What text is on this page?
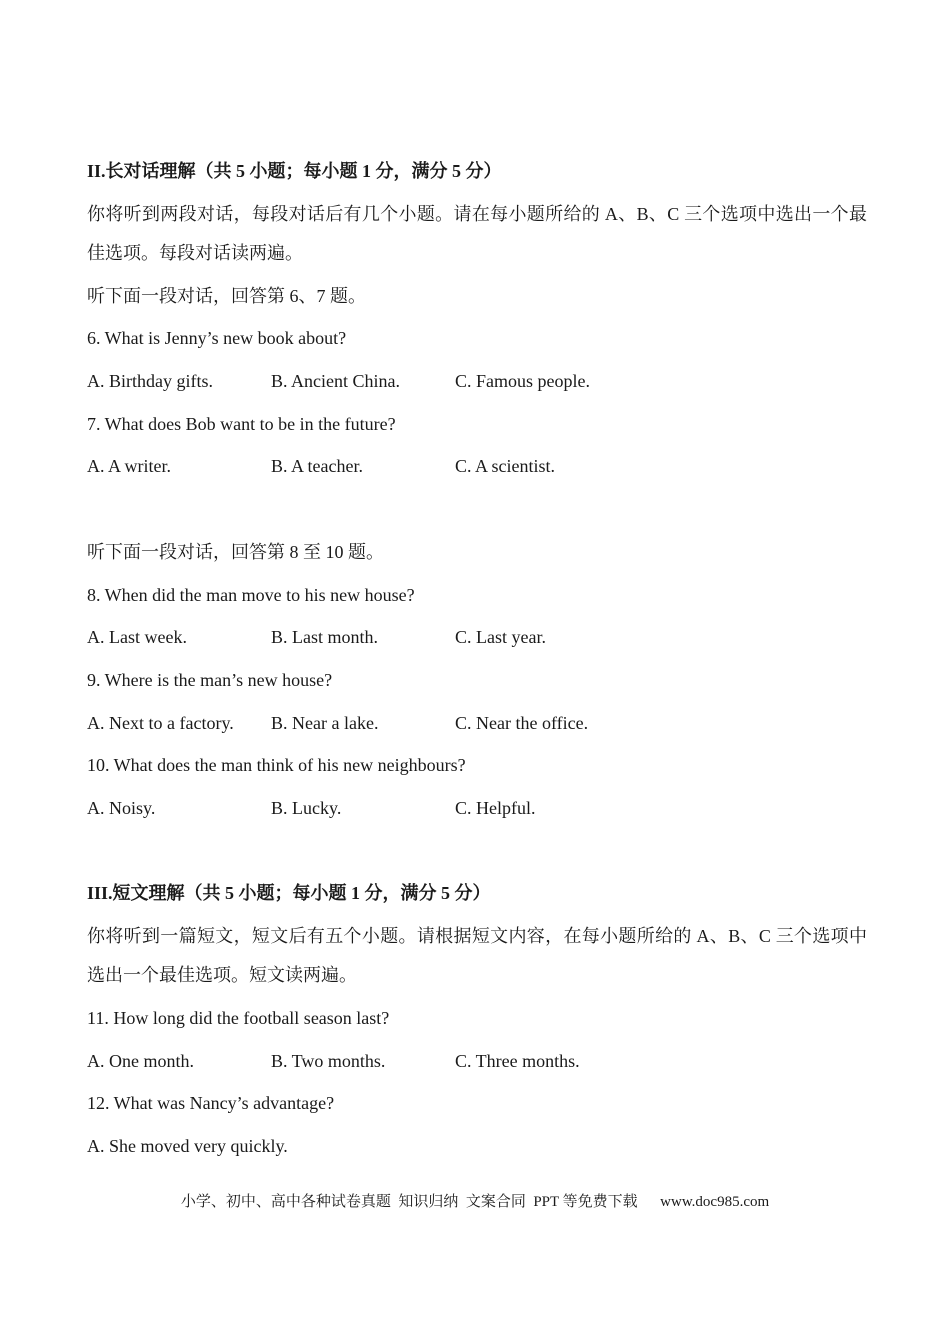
II.长对话理解（共 5 小题；每小题 1 分，满分 5 分）
你将听到两段对话，每段对话后有几个小题。请在每小题所给的 A、B、C 三个选项中选出一个最佳选项。每段对话读两遍。
听下面一段对话，回答第 6、7 题。
6. What is Jenny’s new book about?
A. Birthday gifts.	B. Ancient China.	C. Famous people.
7. What does Bob want to be in the future?
A. A writer.	B. A teacher.	C. A scientist.
听下面一段对话，回答第 8 至 10 题。
8. When did the man move to his new house?
A. Last week.	B. Last month.	C. Last year.
9. Where is the man’s new house?
A. Next to a factory. B. Near a lake.	C. Near the office.
10. What does the man think of his new neighbours?
A. Noisy.	B. Lucky.	C. Helpful.
III.短文理解（共 5 小题；每小题 1 分，满分 5 分）
你将听到一篇短文，短文后有五个小题。请根据短文内容，在每小题所给的 A、B、C 三个选项中选出一个最佳选项。短文读两遍。
11. How long did the football season last?
A. One month.	B. Two months.	C. Three months.
12. What was Nancy’s advantage?
A. She moved very quickly.
小学、初中、高中各种试卷真题  知识归纳  文案合同  PPT 等免费下载      www.doc985.com
